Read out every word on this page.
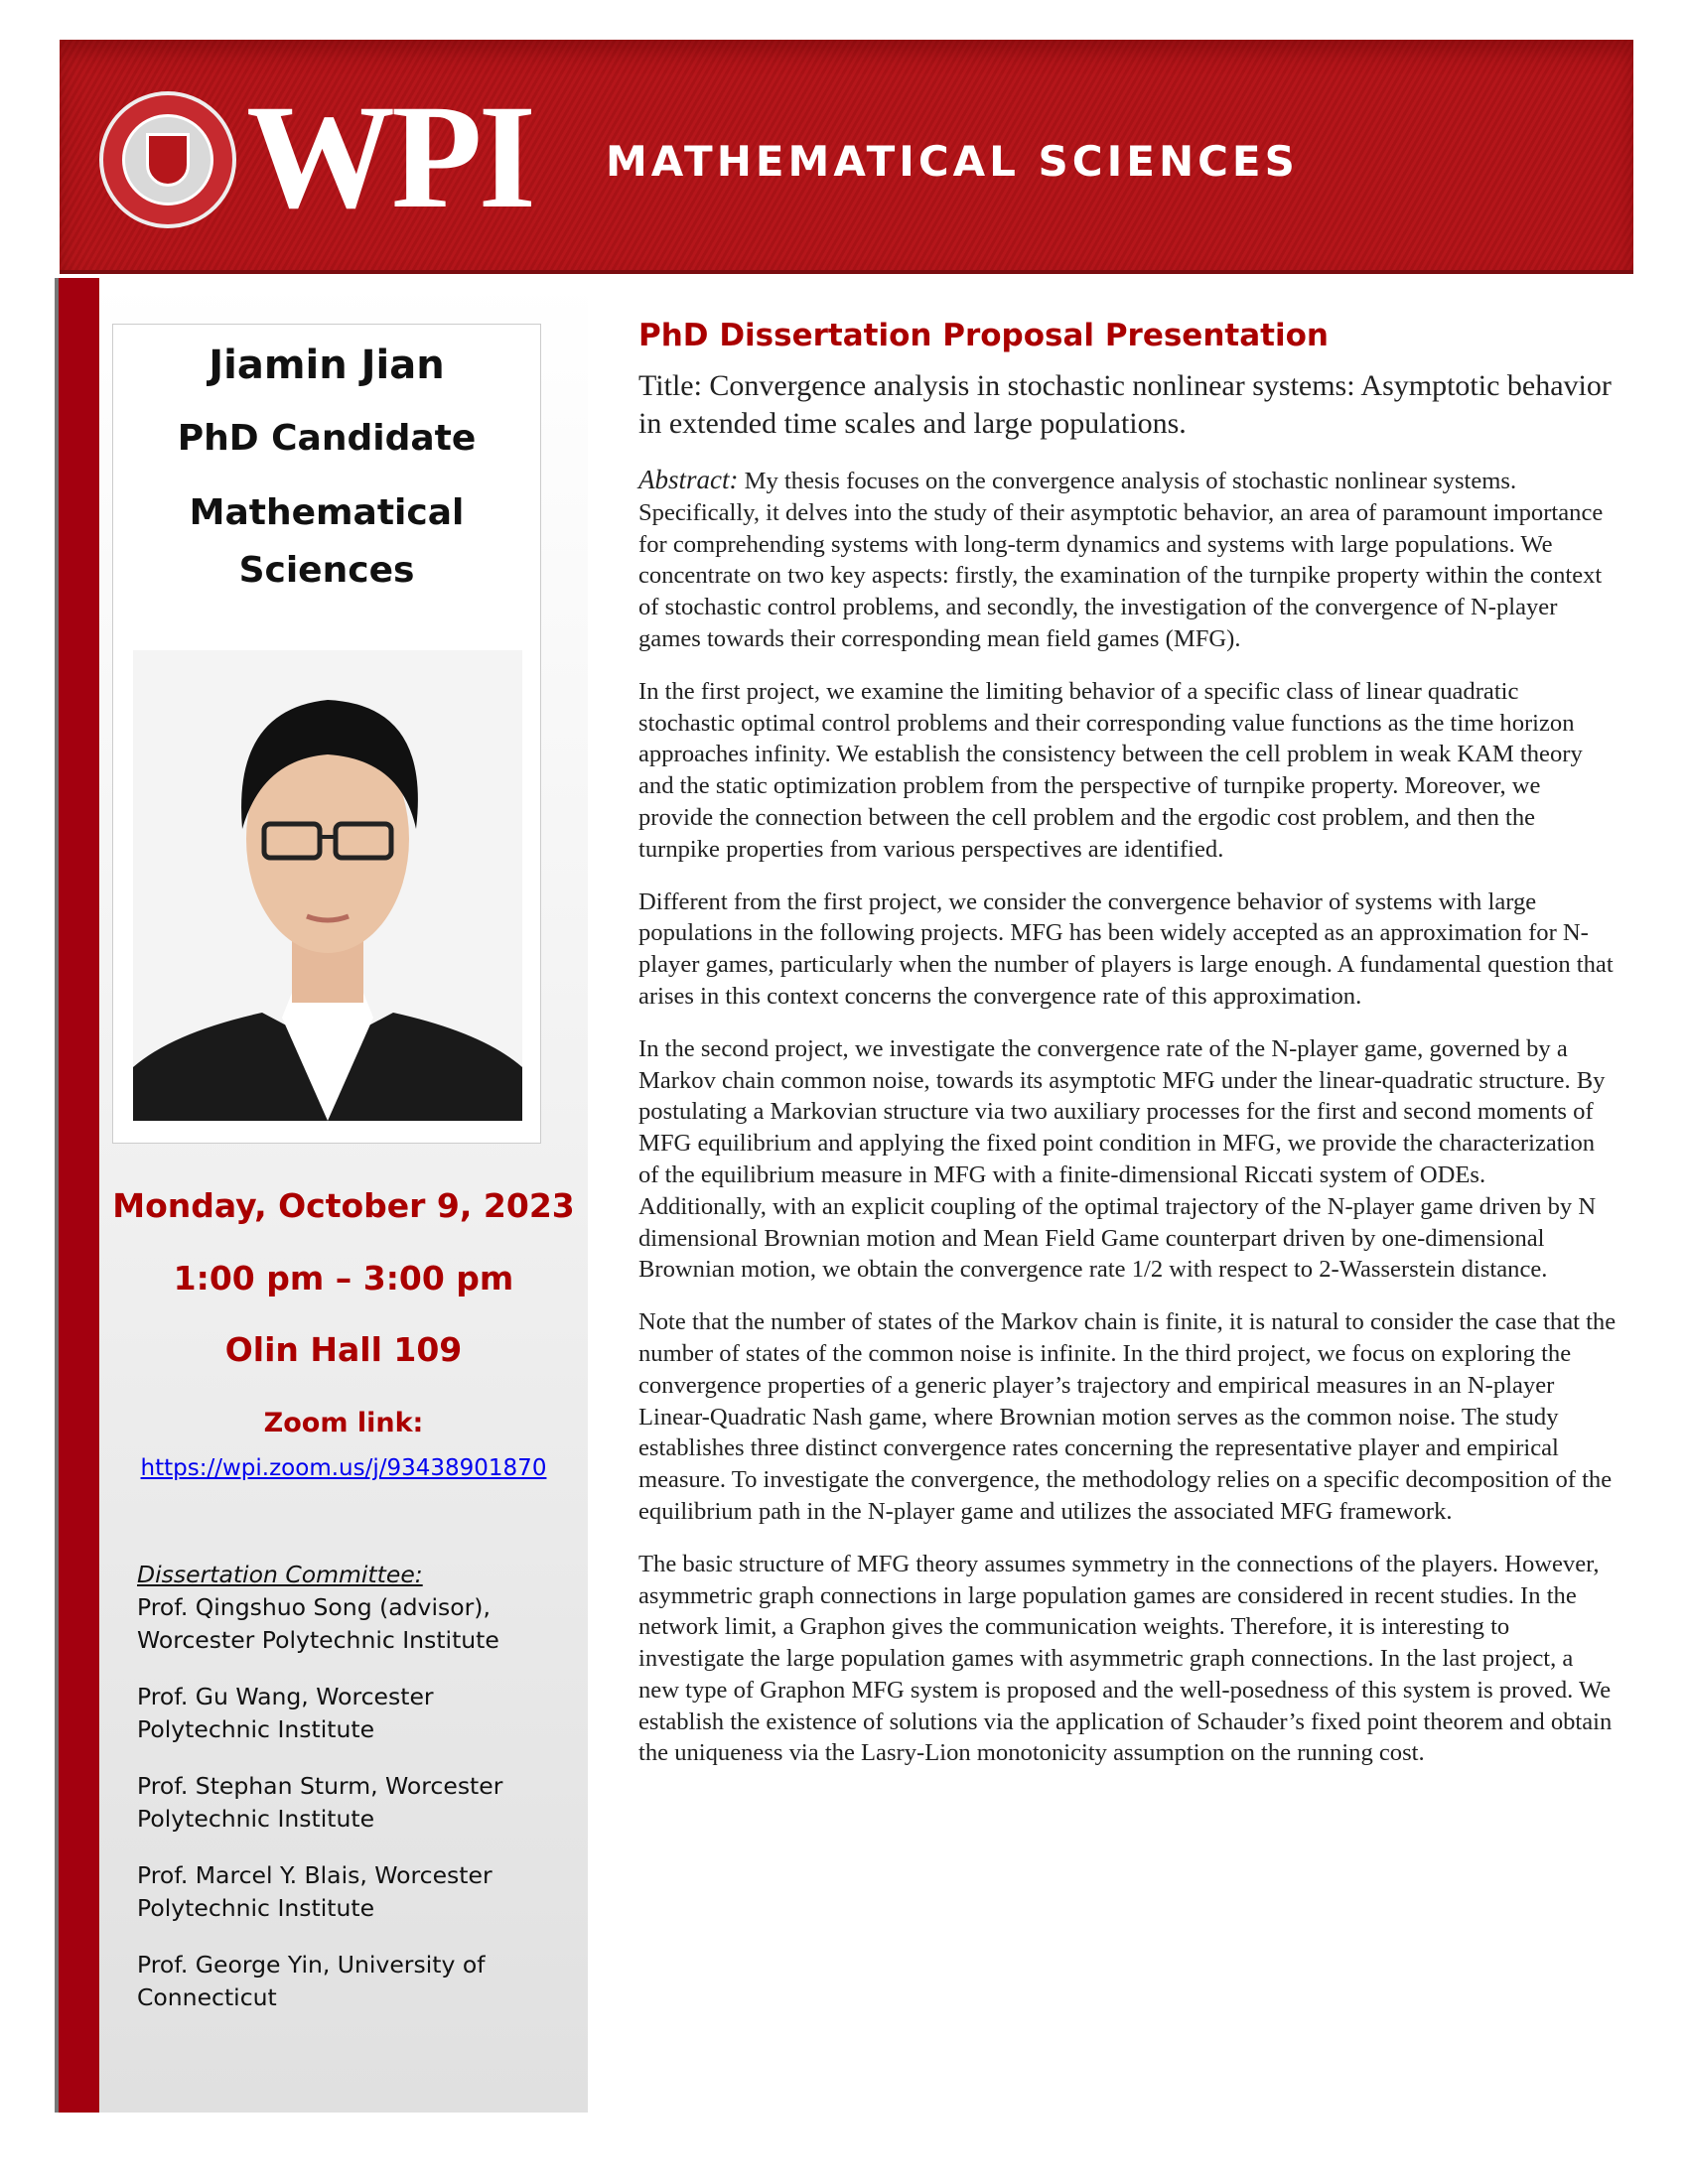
WPI MATHEMATICAL SCIENCES
Jiamin Jian
PhD Candidate
Mathematical Sciences
Monday, October 9, 2023
1:00 pm – 3:00 pm
Olin Hall 109
Zoom link:
https://wpi.zoom.us/j/93438901870
Dissertation Committee:

Prof. Qingshuo Song (advisor), Worcester Polytechnic Institute

Prof. Gu Wang, Worcester Polytechnic Institute

Prof. Stephan Sturm, Worcester Polytechnic Institute

Prof. Marcel Y. Blais, Worcester Polytechnic Institute

Prof. George Yin, University of Connecticut

PhD Dissertation Proposal Presentation
Title: Convergence analysis in stochastic nonlinear systems: Asymptotic behavior in extended time scales and large populations.

Abstract: My thesis focuses on the convergence analysis of stochastic nonlinear systems. Specifically, it delves into the study of their asymptotic behavior, an area of paramount importance for comprehending systems with long-term dynamics and systems with large populations. We concentrate on two key aspects: firstly, the examination of the turnpike property within the context of stochastic control problems, and secondly, the investigation of the convergence of N-player games towards their corresponding mean field games (MFG).

In the first project, we examine the limiting behavior of a specific class of linear quadratic stochastic optimal control problems and their corresponding value functions as the time horizon approaches infinity. We establish the consistency between the cell problem in weak KAM theory and the static optimization problem from the perspective of turnpike property. Moreover, we provide the connection between the cell problem and the ergodic cost problem, and then the turnpike properties from various perspectives are identified.

Different from the first project, we consider the convergence behavior of systems with large populations in the following projects. MFG has been widely accepted as an approximation for N-player games, particularly when the number of players is large enough. A fundamental question that arises in this context concerns the convergence rate of this approximation.

In the second project, we investigate the convergence rate of the N-player game, governed by a Markov chain common noise, towards its asymptotic MFG under the linear-quadratic structure. By postulating a Markovian structure via two auxiliary processes for the first and second moments of MFG equilibrium and applying the fixed point condition in MFG, we provide the characterization of the equilibrium measure in MFG with a finite-dimensional Riccati system of ODEs. Additionally, with an explicit coupling of the optimal trajectory of the N-player game driven by N dimensional Brownian motion and Mean Field Game counterpart driven by one-dimensional Brownian motion, we obtain the convergence rate 1/2 with respect to 2-Wasserstein distance.

Note that the number of states of the Markov chain is finite, it is natural to consider the case that the number of states of the common noise is infinite. In the third project, we focus on exploring the convergence properties of a generic player’s trajectory and empirical measures in an N-player Linear-Quadratic Nash game, where Brownian motion serves as the common noise. The study establishes three distinct convergence rates concerning the representative player and empirical measure. To investigate the convergence, the methodology relies on a specific decomposition of the equilibrium path in the N-player game and utilizes the associated MFG framework.

The basic structure of MFG theory assumes symmetry in the connections of the players. However, asymmetric graph connections in large population games are considered in recent studies. In the network limit, a Graphon gives the communication weights. Therefore, it is interesting to investigate the large population games with asymmetric graph connections. In the last project, a new type of Graphon MFG system is proposed and the well-posedness of this system is proved. We establish the existence of solutions via the application of Schauder’s fixed point theorem and obtain the uniqueness via the Lasry-Lion monotonicity assumption on the running cost.
